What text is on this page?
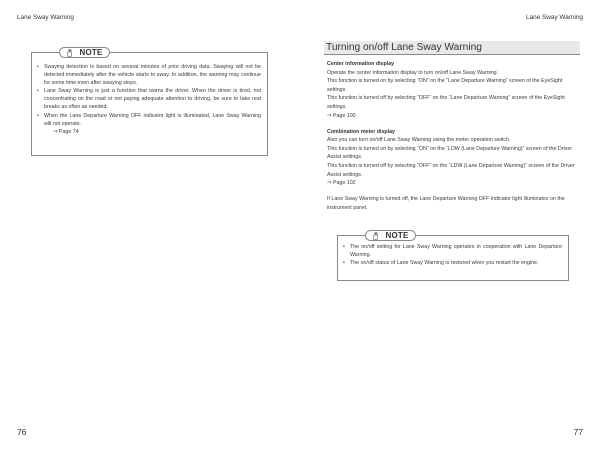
Lane Sway Warning
NOTE
• Swaying detection is based on several minutes of prior driving data. Swaying will not be detected immediately after the vehicle starts to sway. In addition, the warning may continue for some time even after swaying stops.
• Lane Sway Warning is just a function that warns the driver. When the driver is tired, not concentrating on the road or not paying adequate attention to driving, be sure to take rest breaks as often as needed.
• When the Lane Departure Warning OFF indicator light is illuminated, Lane Sway Warning will not operate.
⇒ Page 74
76
Lane Sway Warning
Turning on/off Lane Sway Warning

Center information display

Operate the center information display to turn on/off Lane Sway Warning.

This function is turned on by selecting “ON” on the “Lane Departure Warning” screen of the EyeSight settings.

This function is turned off by selecting “OFF” on the “Lane Departure Warning” screen of the EyeSight settings.

⇒ Page 100

Combination meter display

Also you can turn on/off Lane Sway Warning using the meter operation switch.

This function is turned on by selecting “ON” on the “LDW (Lane Departure Warning)” screen of the Driver Assist settings.

This function is turned off by selecting “OFF” on the “LDW (Lane Departure Warning)” screen of the Driver Assist settings.

⇒ Page 102

If Lane Sway Warning is turned off, the Lane Departure Warning OFF indicator light illuminates on the instrument panel.

NOTE
• The on/off setting for Lane Sway Warning operates in cooperation with Lane Departure Warning.
• The on/off status of Lane Sway Warning is restored when you restart the engine.
77
